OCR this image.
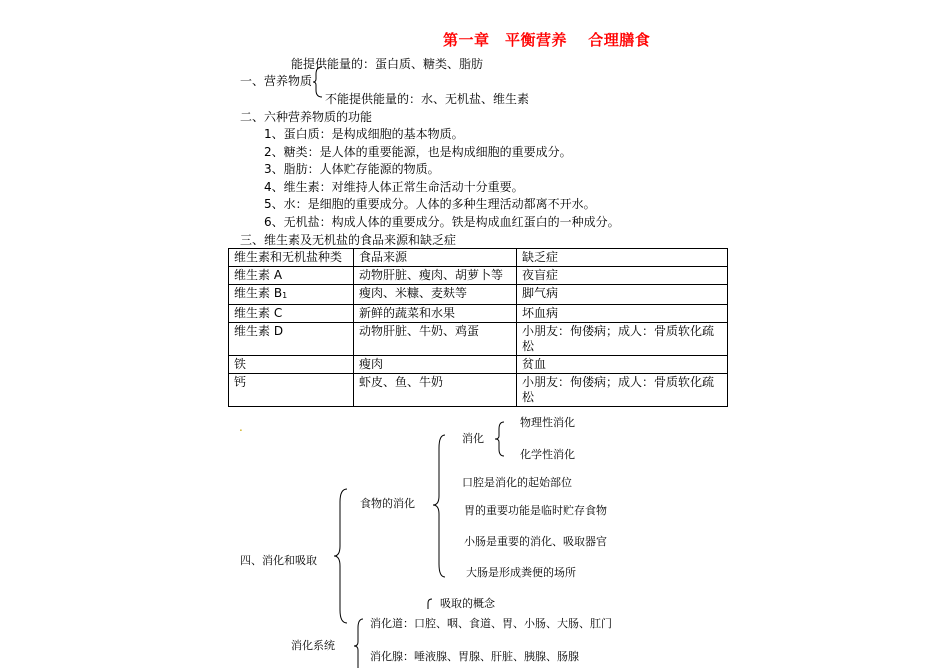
第一章　平衡营养　 合理膳食
能提供能量的：蛋白质、糖类、脂肪
一、营养物质
不能提供能量的：水、无机盐、维生素
二、六种营养物质的功能
1、蛋白质：是构成细胞的基本物质。
2、糖类：是人体的重要能源，也是构成细胞的重要成分。
3、脂肪：人体贮存能源的物质。
4、维生素：对维持人体正常生命活动十分重要。
5、水：是细胞的重要成分。人体的多种生理活动都离不开水。
6、无机盐：构成人体的重要成分。铁是构成血红蛋白的一种成分。
三、维生素及无机盐的食品来源和缺乏症
维生素和无机盐种类	食品来源	缺乏症
维生素 A	动物肝脏、瘦肉、胡萝卜等	夜盲症
维生素 $B_1$	瘦肉、米糠、麦麸等	脚气病
维生素 C	新鲜的蔬菜和水果	坏血病
维生素 D	动物肝脏、牛奶、鸡蛋	小朋友：佝偻病；成人：骨质软化疏松
铁	瘦肉	贫血
钙	虾皮、鱼、牛奶	小朋友：佝偻病；成人：骨质软化疏松
.
四、消化和吸取
食物的消化
消化
物理性消化
化学性消化
口腔是消化的起始部位
胃的重要功能是临时贮存食物
小肠是重要的消化、吸取器官
大肠是形成粪便的场所
吸取的概念
消化系统
消化道：口腔、咽、食道、胃、小肠、大肠、肛门
消化腺：唾液腺、胃腺、肝脏、胰腺、肠腺
